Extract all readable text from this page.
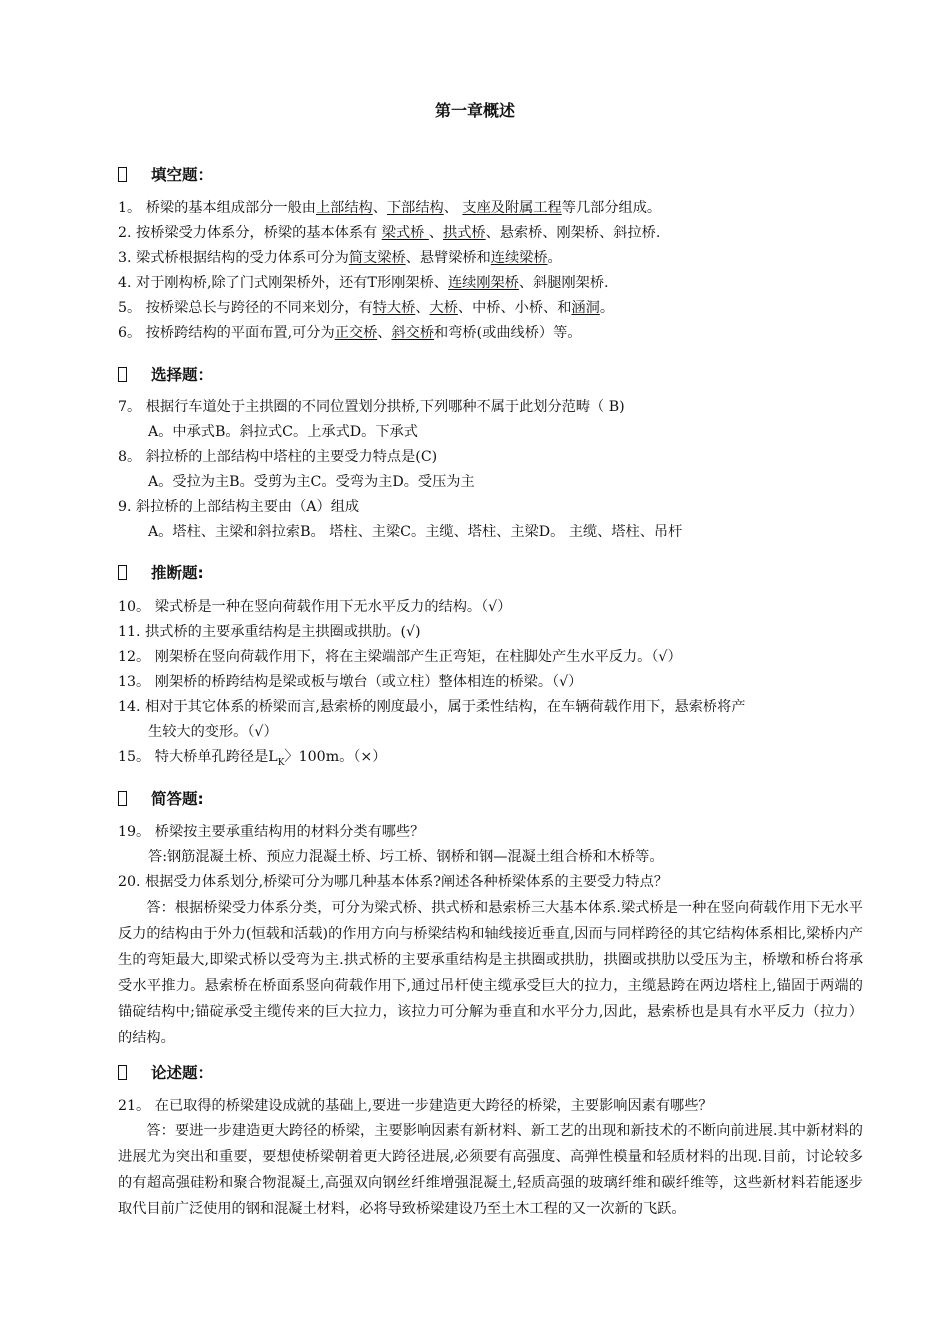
第一章概述
填空题：
1。 桥梁的基本组成部分一般由上部结构、下部结构、 支座及附属工程等几部分组成。
2. 按桥梁受力体系分，桥梁的基本体系有 梁式桥 、拱式桥、悬索桥、刚架桥、斜拉桥.
3. 梁式桥根据结构的受力体系可分为简支梁桥、悬臂梁桥和连续梁桥。
4. 对于刚构桥,除了门式刚架桥外，还有T形刚架桥、连续刚架桥、斜腿刚架桥.
5。 按桥梁总长与跨径的不同来划分，有特大桥、大桥、中桥、小桥、和涵洞。
6。 按桥跨结构的平面布置,可分为正交桥、斜交桥和弯桥(或曲线桥）等。
选择题：
7。 根据行车道处于主拱圈的不同位置划分拱桥,下列哪种不属于此划分范畴（ B)
A。中承式B。斜拉式C。上承式D。下承式
8。 斜拉桥的上部结构中塔柱的主要受力特点是(C)
A。受拉为主B。受剪为主C。受弯为主D。受压为主
9. 斜拉桥的上部结构主要由（A）组成
A。塔柱、主梁和斜拉索B。 塔柱、主梁C。主缆、塔柱、主梁D。 主缆、塔柱、吊杆
推断题:
10。 梁式桥是一种在竖向荷载作用下无水平反力的结构。（√）
11. 拱式桥的主要承重结构是主拱圈或拱肋。(√)
12。 刚架桥在竖向荷载作用下，将在主梁端部产生正弯矩，在柱脚处产生水平反力。（√）
13。 刚架桥的桥跨结构是梁或板与墩台（或立柱）整体相连的桥梁。（√）
14. 相对于其它体系的桥梁而言,悬索桥的刚度最小，属于柔性结构，在车辆荷载作用下，悬索桥将产
生较大的变形。（√）
15。 特大桥单孔跨径是$L_K$〉100m。（×）
简答题:
19。 桥梁按主要承重结构用的材料分类有哪些？
答:钢筋混凝土桥、预应力混凝土桥、圬工桥、钢桥和钢—混凝土组合桥和木桥等。
20. 根据受力体系划分,桥梁可分为哪几种基本体系?阐述各种桥梁体系的主要受力特点？
答：根据桥梁受力体系分类，可分为梁式桥、拱式桥和悬索桥三大基本体系.梁式桥是一种在竖向荷载作用下无水平反力的结构由于外力(恒载和活载)的作用方向与桥梁结构和轴线接近垂直,因而与同样跨径的其它结构体系相比,梁桥内产生的弯矩最大,即梁式桥以受弯为主.拱式桥的主要承重结构是主拱圈或拱肋，拱圈或拱肋以受压为主，桥墩和桥台将承受水平推力。悬索桥在桥面系竖向荷载作用下,通过吊杆使主缆承受巨大的拉力，主缆悬跨在两边塔柱上,锚固于两端的锚碇结构中;锚碇承受主缆传来的巨大拉力，该拉力可分解为垂直和水平分力,因此，悬索桥也是具有水平反力（拉力）的结构。
论述题：
21。 在已取得的桥梁建设成就的基础上,要进一步建造更大跨径的桥梁，主要影响因素有哪些？
答：要进一步建造更大跨径的桥梁，主要影响因素有新材料、新工艺的出现和新技术的不断向前进展.其中新材料的进展尤为突出和重要，要想使桥梁朝着更大跨径进展,必须要有高强度、高弹性模量和轻质材料的出现.目前，讨论较多的有超高强硅粉和聚合物混凝土,高强双向钢丝纤维增强混凝土,轻质高强的玻璃纤维和碳纤维等，这些新材料若能逐步取代目前广泛使用的钢和混凝土材料，必将导致桥梁建设乃至土木工程的又一次新的飞跃。
